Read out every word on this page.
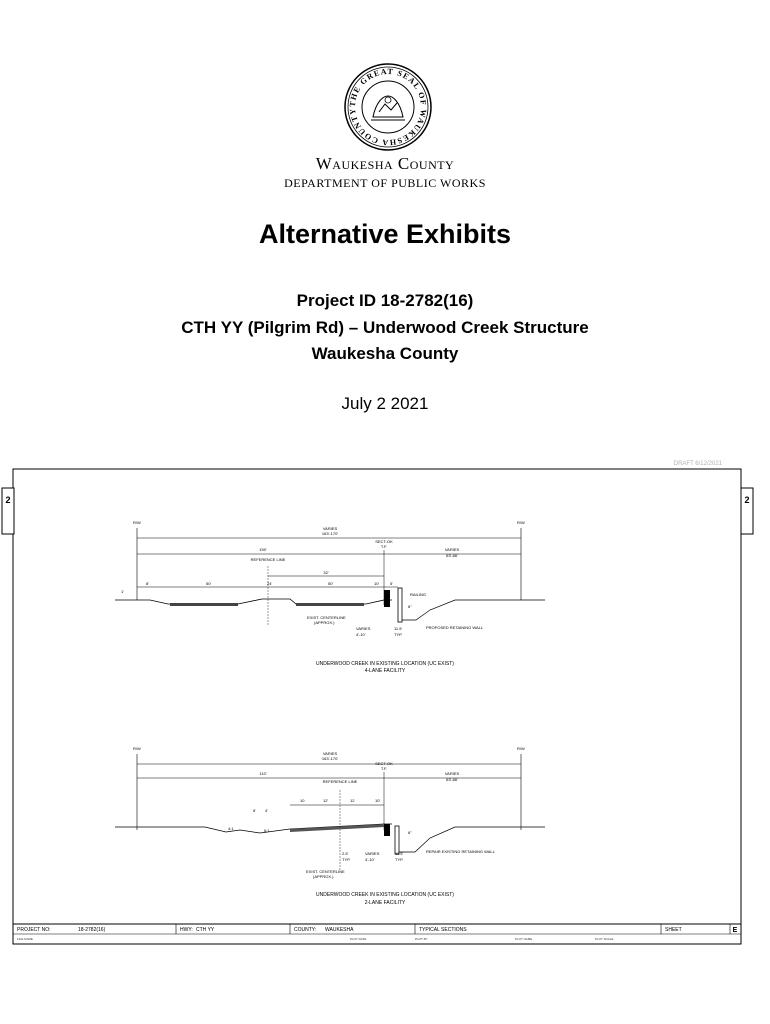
THE GREAT SEAL OF WAUKESHA COUNTY
Waukesha County
DEPARTMENT OF PUBLIC WORKS
Alternative Exhibits
Project ID 18-2782(16)
CTH YY (Pilgrim Rd) – Underwood Creek Structure
Waukesha County
July 2 2021
DRAFT 6/12/2021
2	2
R/W	R/W
VARIES
163'-170'
SECT-OK
T.F.
150'
REFERENCE LINE
VARIES
63'-66'
32'
1'
8'	50'	24'	50'	10'	5'
RAILING
6"
EXIST. CENTERLINE
(APPROX.)
VARIES
4'-10'
11.5'
TYP.
PROPOSED RETAINING WALL
UNDERWOOD CREEK IN EXISTING LOCATION (UC EXIST)
4-LANE FACILITY
R/W	R/W
VARIES
163'-170'
SECT-OK
T.F.
110'
REFERENCE LINE
VARIES
63'-66'
10	12'	12	10'
6' 4'
4:1	6:1	6"
2.5'
TYP.
VARIES
4'-10'
11.5'
TYP.
REPAIR EXISTING RETAINING WALL
EXIST. CENTERLINE
(APPROX.)
UNDERWOOD CREEK IN EXISTING LOCATION (UC EXIST)
2-LANE FACILITY
PROJECT NO:	18-2782(16)	HWY: CTH YY	COUNTY: WAUKESHA	TYPICAL SECTIONS	SHEET	E
FILE NAME	PLOT DATE	PLOT BY	PLOT NAME	PLOT SCALE
